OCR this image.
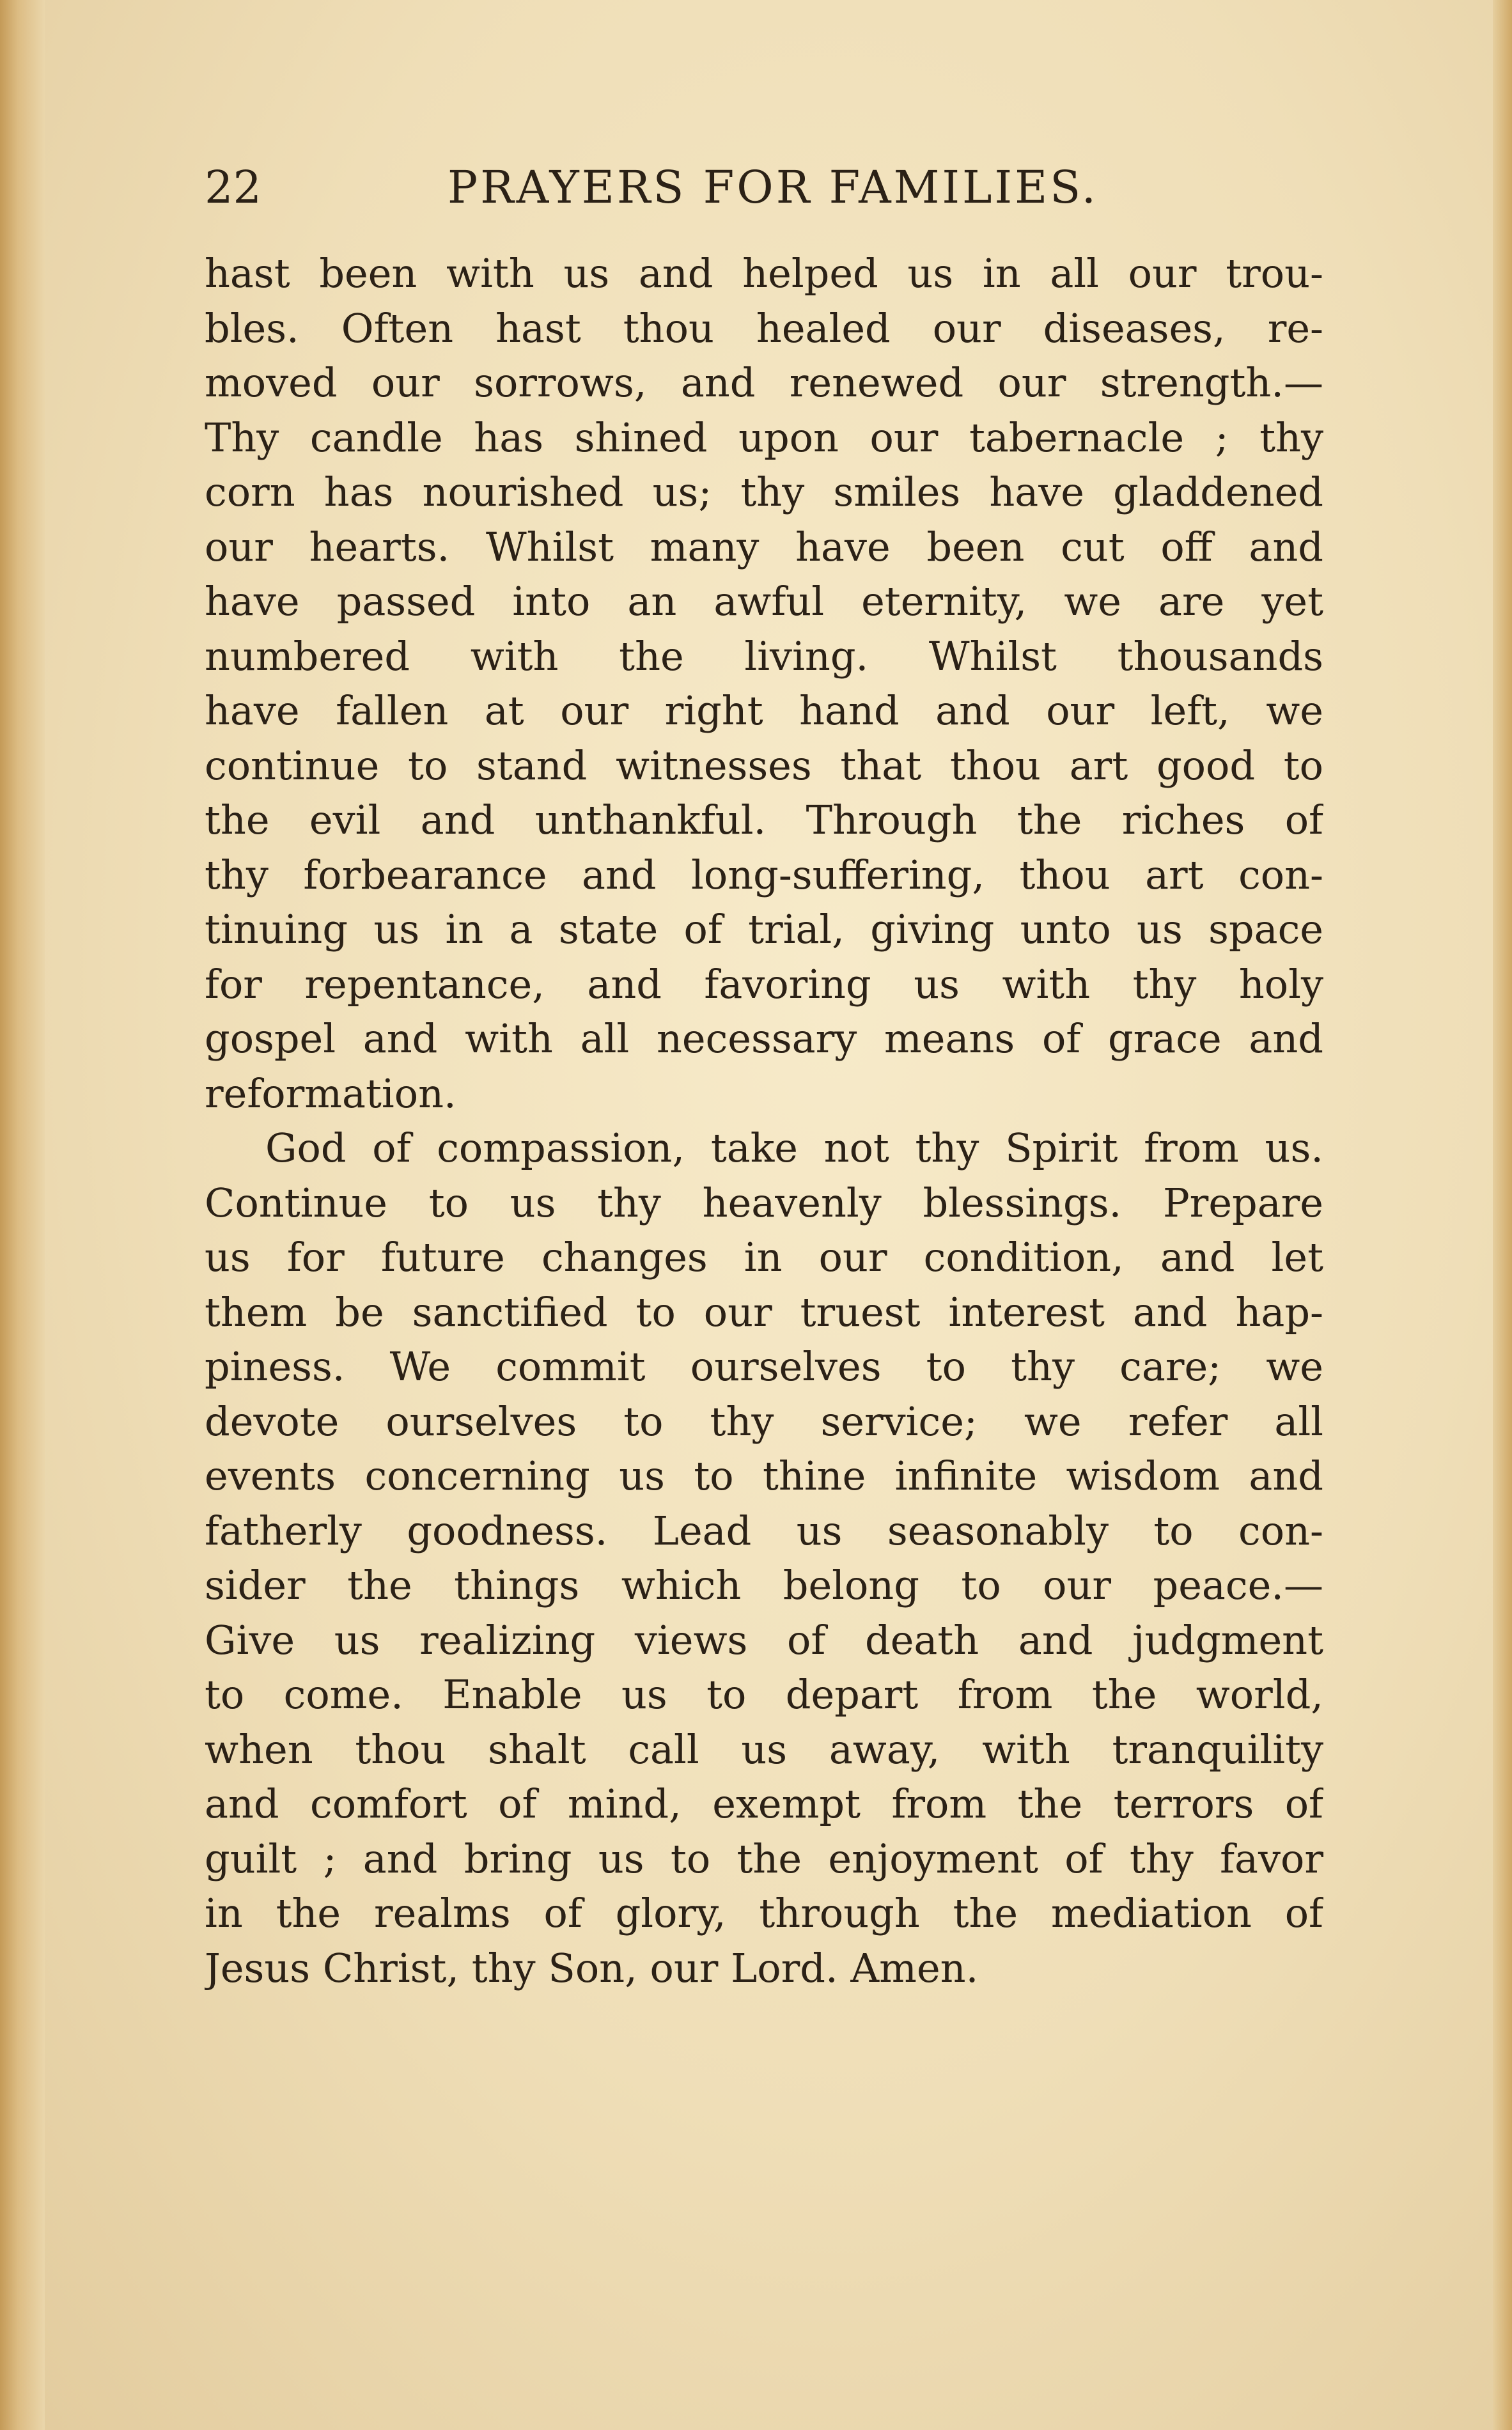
22	PRAYERS FOR FAMILIES.
hast been with us and helped us in all our trou-
bles. Often hast thou healed our diseases, re-
moved our sorrows, and renewed our strength.—
Thy candle has shined upon our tabernacle ; thy
corn has nourished us; thy smiles have gladdened
our hearts. Whilst many have been cut off and
have passed into an awful eternity, we are yet
numbered with the living. Whilst thousands
have fallen at our right hand and our left, we
continue to stand witnesses that thou art good to
the evil and unthankful. Through the riches of
thy forbearance and long-suffering, thou art con-
tinuing us in a state of trial, giving unto us space
for repentance, and favoring us with thy holy
gospel and with all necessary means of grace and
reformation.
God of compassion, take not thy Spirit from us.
Continue to us thy heavenly blessings. Prepare
us for future changes in our condition, and let
them be sanctified to our truest interest and hap-
piness. We commit ourselves to thy care; we
devote ourselves to thy service; we refer all
events concerning us to thine infinite wisdom and
fatherly goodness. Lead us seasonably to con-
sider the things which belong to our peace.—
Give us realizing views of death and judgment
to come. Enable us to depart from the world,
when thou shalt call us away, with tranquility
and comfort of mind, exempt from the terrors of
guilt ; and bring us to the enjoyment of thy favor
in the realms of glory, through the mediation of
Jesus Christ, thy Son, our Lord. Amen.
